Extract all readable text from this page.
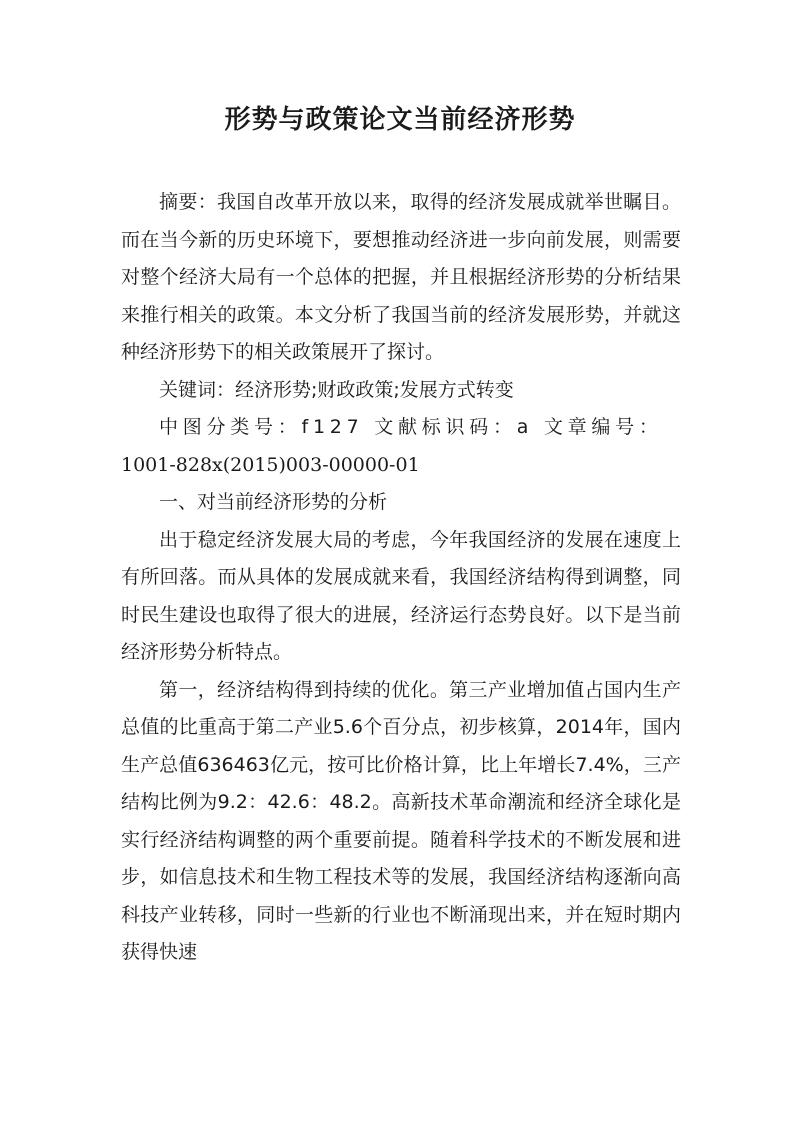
形势与政策论文当前经济形势

摘要：我国自改革开放以来，取得的经济发展成就举世瞩目。而在当今新的历史环境下，要想推动经济进一步向前发展，则需要对整个经济大局有一个总体的把握，并且根据经济形势的分析结果来推行相关的政策。本文分析了我国当前的经济发展形势，并就这种经济形势下的相关政策展开了探讨。

关键词：经济形势;财政政策;发展方式转变

中图分类号：f127 文献标识码：a 文章编号：

1001-828x(2015)003-00000-01

一、对当前经济形势的分析

出于稳定经济发展大局的考虑，今年我国经济的发展在速度上有所回落。而从具体的发展成就来看，我国经济结构得到调整，同时民生建设也取得了很大的进展，经济运行态势良好。以下是当前经济形势分析特点。

第一，经济结构得到持续的优化。第三产业增加值占国内生产总值的比重高于第二产业5.6个百分点，初步核算，2014年，国内生产总值636463亿元，按可比价格计算，比上年增长7.4%，三产结构比例为9.2：42.6：48.2。高新技术革命潮流和经济全球化是实行经济结构调整的两个重要前提。随着科学技术的不断发展和进步，如信息技术和生物工程技术等的发展，我国经济结构逐渐向高科技产业转移，同时一些新的行业也不断涌现出来，并在短时期内获得快速
